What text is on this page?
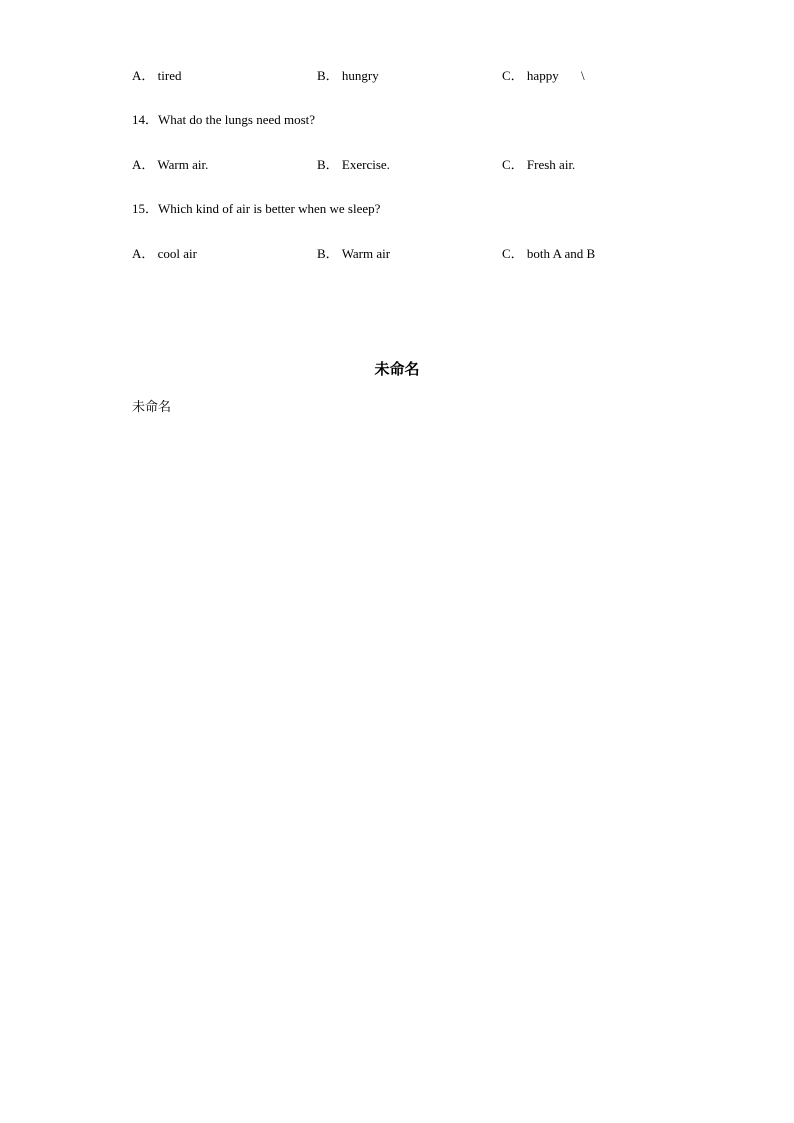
A． tired	B． hungry	C． happy \
14．What do the lungs need most?
A． Warm air.	B． Exercise.	C． Fresh air.
15．Which kind of air is better when we sleep?
A． cool air	B． Warm air	C． both A and B
未命名
未命名
